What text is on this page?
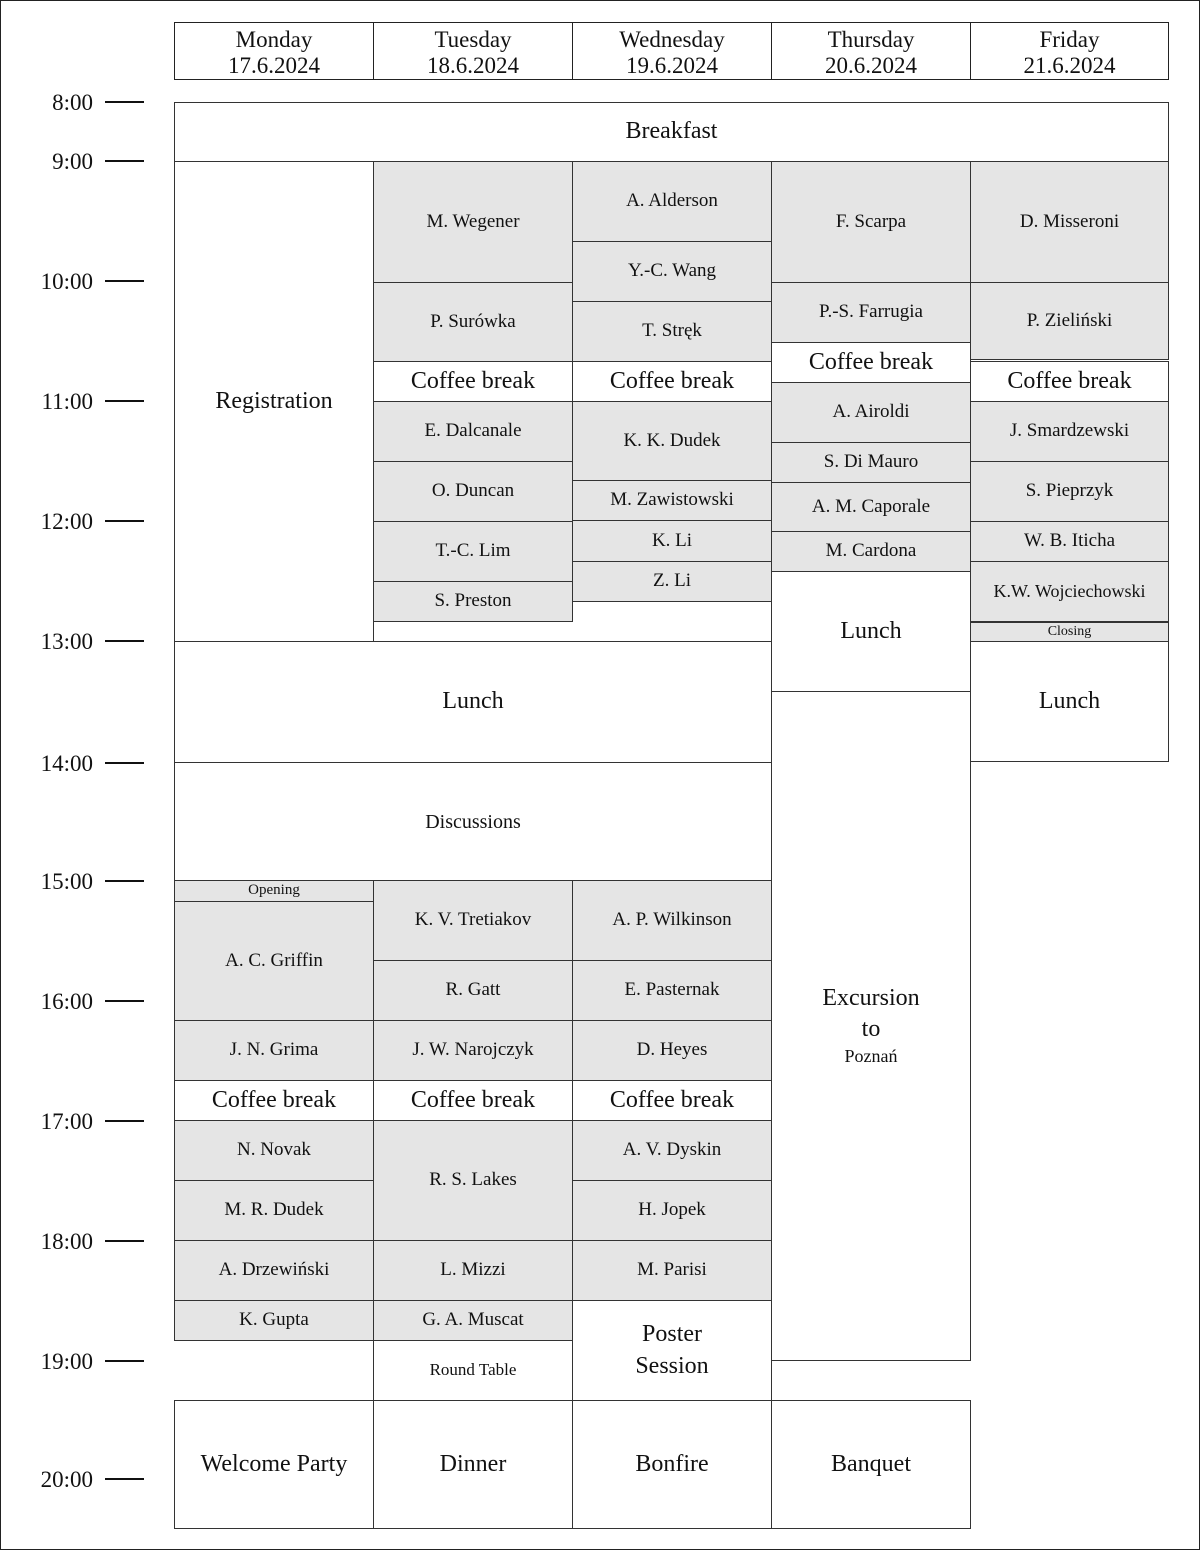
Monday
17.6.2024
Tuesday
18.6.2024
Wednesday
19.6.2024
Thursday
20.6.2024
Friday
21.6.2024
8:00
9:00
10:00
11:00
12:00
13:00
14:00
15:00
16:00
17:00
18:00
19:00
20:00
Breakfast
Registration
Lunch
Discussions
Opening
A. C. Griffin
J. N. Grima
Coffee break
N. Novak
M. R. Dudek
A. Drzewiński
K. Gupta
Welcome Party
M. Wegener
P. Surówka
Coffee break
E. Dalcanale
O. Duncan
T.-C. Lim
S. Preston
K. V. Tretiakov
R. Gatt
J. W. Narojczyk
Coffee break
R. S. Lakes
L. Mizzi
G. A. Muscat
Round Table
Dinner
A. Alderson
Y.-C. Wang
T. Stręk
Coffee break
K. K. Dudek
M. Zawistowski
K. Li
Z. Li
A. P. Wilkinson
E. Pasternak
D. Heyes
Coffee break
A. V. Dyskin
H. Jopek
M. Parisi
Poster
Session
Bonfire
F. Scarpa
P.-S. Farrugia
Coffee break
A. Airoldi
S. Di Mauro
A. M. Caporale
M. Cardona
Lunch
Excursion
to
Poznań
Banquet
D. Misseroni
P. Zieliński
Coffee break
J. Smardzewski
S. Pieprzyk
W. B. Iticha
K.W. Wojciechowski
Closing
Lunch
